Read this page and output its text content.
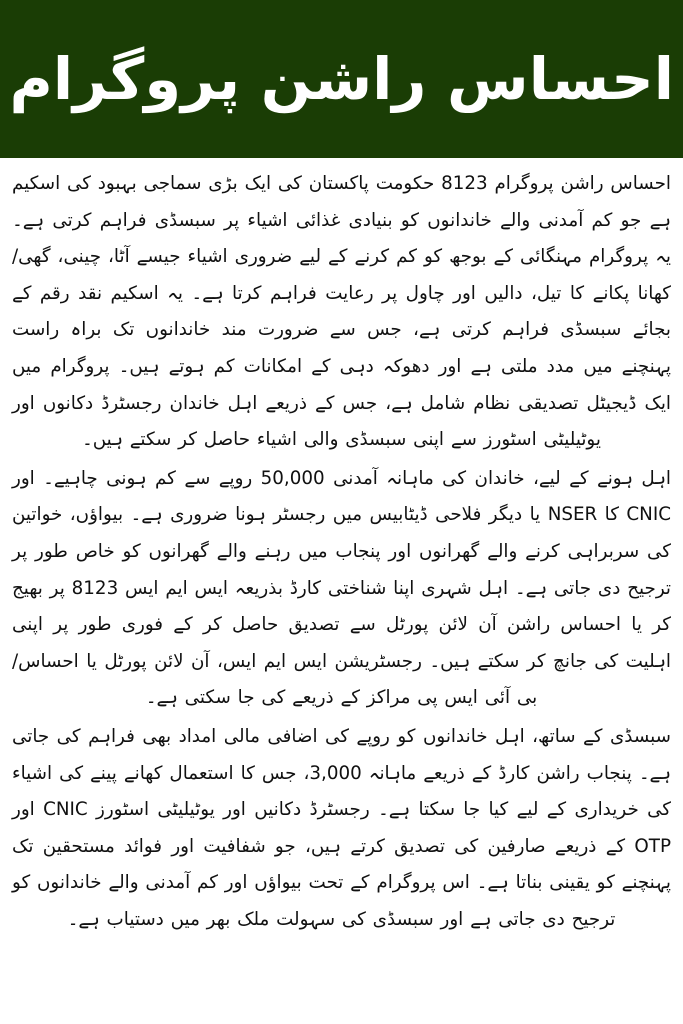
احساس راشن پروگرام

احساس راشن پروگرام 8123 حکومت پاکستان کی ایک بڑی سماجی بہبود کی اسکیم ہے جو کم آمدنی والے خاندانوں کو بنیادی غذائی اشیاء پر سبسڈی فراہم کرتی ہے۔ یہ پروگرام مہنگائی کے بوجھ کو کم کرنے کے لیے ضروری اشیاء جیسے آٹا، چینی، گھی/کھانا پکانے کا تیل، دالیں اور چاول پر رعایت فراہم کرتا ہے۔ یہ اسکیم نقد رقم کے بجائے سبسڈی فراہم کرتی ہے، جس سے ضرورت مند خاندانوں تک براہ راست پہنچنے میں مدد ملتی ہے اور دھوکہ دہی کے امکانات کم ہوتے ہیں۔ پروگرام میں ایک ڈیجیٹل تصدیقی نظام شامل ہے، جس کے ذریعے اہل خاندان رجسٹرڈ دکانوں اور یوٹیلیٹی اسٹورز سے اپنی سبسڈی والی اشیاء حاصل کر سکتے ہیں۔

اہل ہونے کے لیے، خاندان کی ماہانہ آمدنی 50,000 روپے سے کم ہونی چاہیے۔ اور CNIC کا NSER یا دیگر فلاحی ڈیٹابیس میں رجسٹر ہونا ضروری ہے۔ بیواؤں، خواتین کی سربراہی کرنے والے گھرانوں اور پنجاب میں رہنے والے گھرانوں کو خاص طور پر ترجیح دی جاتی ہے۔ اہل شہری اپنا شناختی کارڈ بذریعہ ایس ایم ایس 8123 پر بھیج کر یا احساس راشن آن لائن پورٹل سے تصدیق حاصل کر کے فوری طور پر اپنی اہلیت کی جانچ کر سکتے ہیں۔ رجسٹریشن ایس ایم ایس، آن لائن پورٹل یا احساس/بی آئی ایس پی مراکز کے ذریعے کی جا سکتی ہے۔

سبسڈی کے ساتھ، اہل خاندانوں کو روپے کی اضافی مالی امداد بھی فراہم کی جاتی ہے۔ پنجاب راشن کارڈ کے ذریعے ماہانہ 3,000، جس کا استعمال کھانے پینے کی اشیاء کی خریداری کے لیے کیا جا سکتا ہے۔ رجسٹرڈ دکانیں اور یوٹیلیٹی اسٹورز CNIC اور OTP کے ذریعے صارفین کی تصدیق کرتے ہیں، جو شفافیت اور فوائد مستحقین تک پہنچنے کو یقینی بناتا ہے۔ اس پروگرام کے تحت بیواؤں اور کم آمدنی والے خاندانوں کو ترجیح دی جاتی ہے اور سبسڈی کی سہولت ملک بھر میں دستیاب ہے۔
